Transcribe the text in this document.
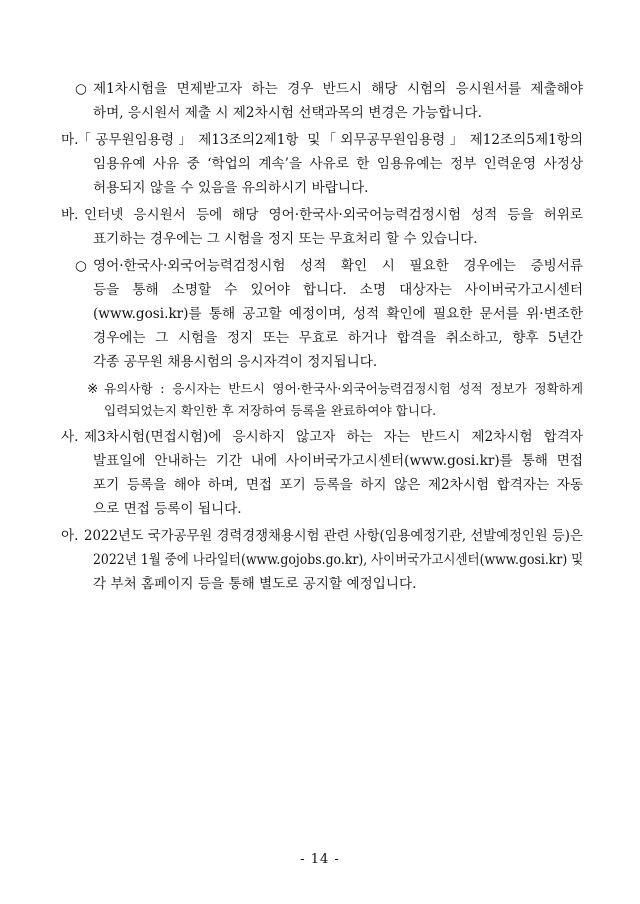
○ 제1차시험을 면제받고자 하는 경우 반드시 해당 시험의 응시원서를 제출해야
하며, 응시원서 제출 시 제2차시험 선택과목의 변경은 가능합니다.
마. ｢공무원임용령｣ 제13조의2제1항 및 ｢외무공무원임용령｣ 제12조의5제1항의
임용유예 사유 중 ‘학업의 계속’을 사유로 한 임용유예는 정부 인력운영 사정상
허용되지 않을 수 있음을 유의하시기 바랍니다.
바. 인터넷 응시원서 등에 해당 영어·한국사·외국어능력검정시험 성적 등을 허위로
표기하는 경우에는 그 시험을 정지 또는 무효처리 할 수 있습니다.
○ 영어·한국사·외국어능력검정시험 성적 확인 시 필요한 경우에는 증빙서류
등을 통해 소명할 수 있어야 합니다. 소명 대상자는 사이버국가고시센터
(www.gosi.kr)를 통해 공고할 예정이며, 성적 확인에 필요한 문서를 위·변조한
경우에는 그 시험을 정지 또는 무효로 하거나 합격을 취소하고, 향후 5년간
각종 공무원 채용시험의 응시자격이 정지됩니다.
※ 유의사항 : 응시자는 반드시 영어·한국사·외국어능력검정시험 성적 정보가 정확하게
입력되었는지 확인한 후 저장하여 등록을 완료하여야 합니다.
사. 제3차시험(면접시험)에 응시하지 않고자 하는 자는 반드시 제2차시험 합격자
발표일에 안내하는 기간 내에 사이버국가고시센터(www.gosi.kr)를 통해 면접
포기 등록을 해야 하며, 면접 포기 등록을 하지 않은 제2차시험 합격자는 자동
으로 면접 등록이 됩니다.
아. 2022년도 국가공무원 경력경쟁채용시험 관련 사항(임용예정기관, 선발예정인원 등)은
2022년 1월 중에 나라일터(www.gojobs.go.kr), 사이버국가고시센터(www.gosi.kr) 및
각 부처 홈페이지 등을 통해 별도로 공지할 예정입니다.
- 14 -
